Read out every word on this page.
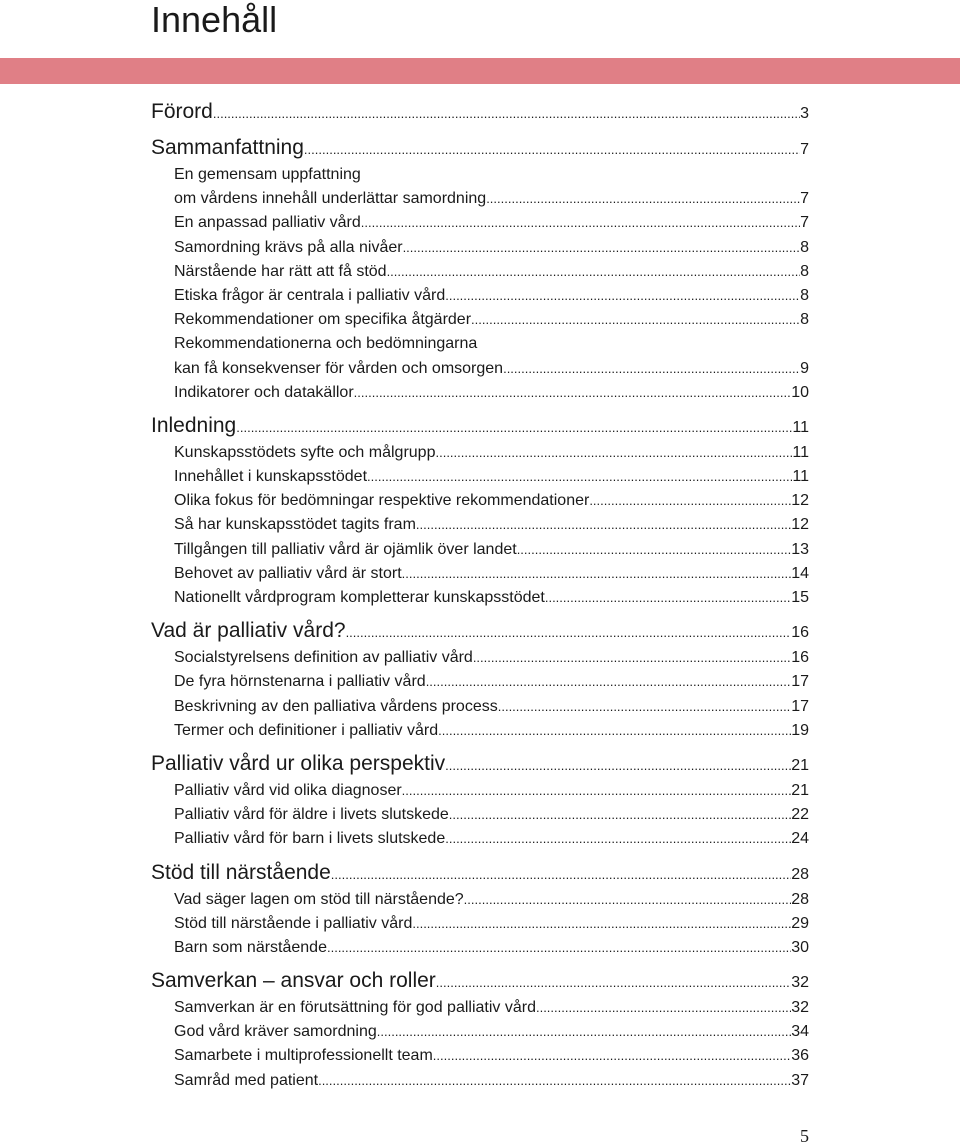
Innehåll
Förord .....	3
Sammanfattning .....	7
En gemensam uppfattning
om vårdens innehåll underlättar samordning .....	7
En anpassad palliativ vård .....	7
Samordning krävs på alla nivåer .....	8
Närstående har rätt att få stöd .....	8
Etiska frågor är centrala i palliativ vård .....	8
Rekommendationer om specifika åtgärder .....	8
Rekommendationerna och bedömningarna
kan få konsekvenser för vården och omsorgen .....	9
Indikatorer och datakällor .....	10
Inledning .....	11
Kunskapsstödets syfte och målgrupp .....	11
Innehållet i kunskapsstödet .....	11
Olika fokus för bedömningar respektive rekommendationer .....	12
Så har kunskapsstödet tagits fram .....	12
Tillgången till palliativ vård är ojämlik över landet .....	13
Behovet av palliativ vård är stort .....	14
Nationellt vårdprogram kompletterar kunskapsstödet .....	15
Vad är palliativ vård? .....	16
Socialstyrelsens definition av palliativ vård .....	16
De fyra hörnstenarna i palliativ vård .....	17
Beskrivning av den palliativa vårdens process .....	17
Termer och definitioner i palliativ vård .....	19
Palliativ vård ur olika perspektiv .....	21
Palliativ vård vid olika diagnoser .....	21
Palliativ vård för äldre i livets slutskede .....	22
Palliativ vård för barn i livets slutskede .....	24
Stöd till närstående .....	28
Vad säger lagen om stöd till närstående? .....	28
Stöd till närstående i palliativ vård .....	29
Barn som närstående .....	30
Samverkan – ansvar och roller .....	32
Samverkan är en förutsättning för god palliativ vård .....	32
God vård kräver samordning .....	34
Samarbete i multiprofessionellt team .....	36
Samråd med patient .....	37
5
